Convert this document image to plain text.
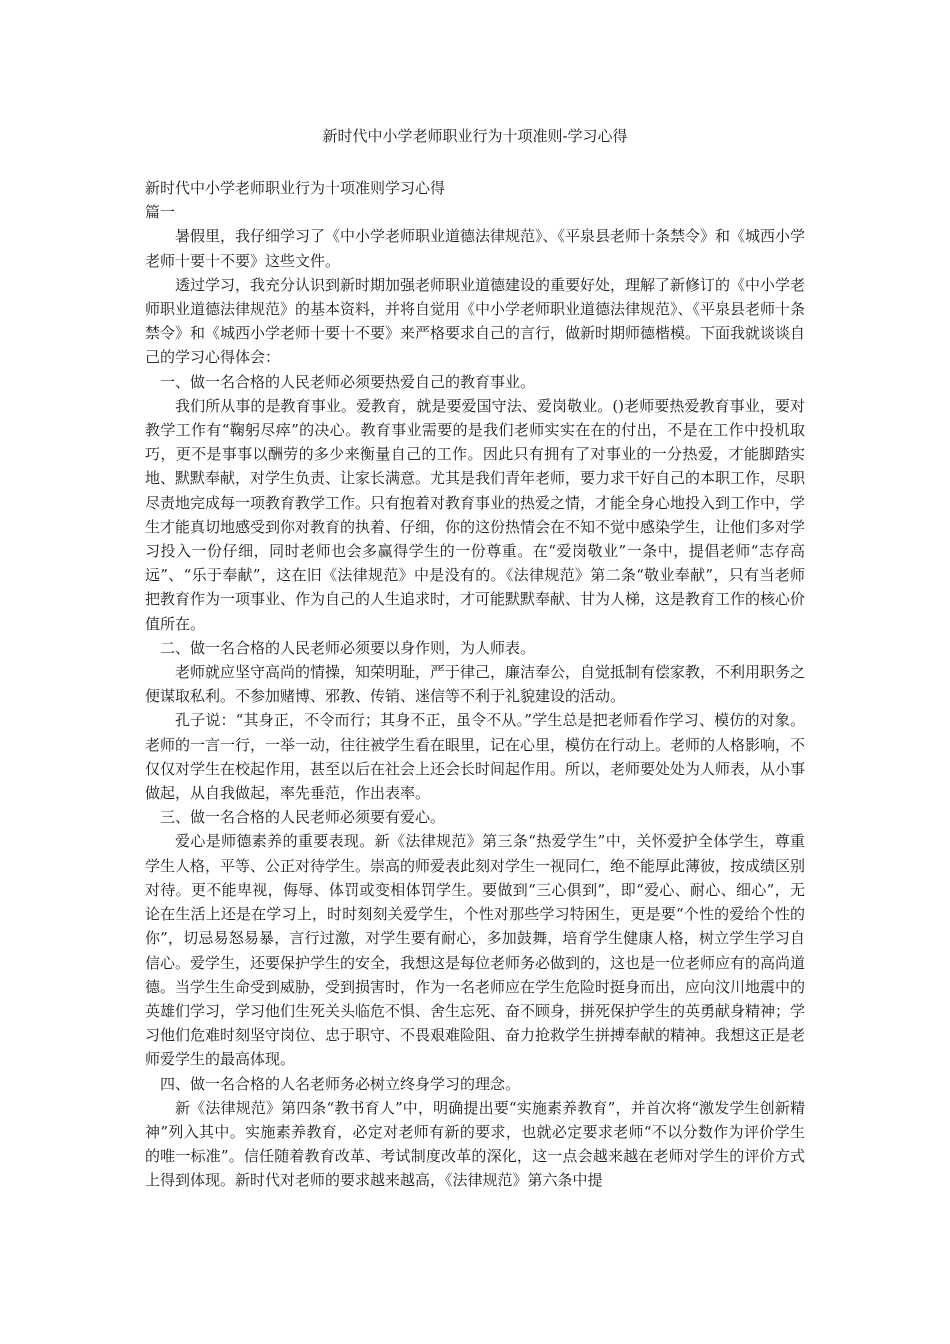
新时代中小学老师职业行为十项准则-学习心得

新时代中小学老师职业行为十项准则学习心得

篇一

暑假里，我仔细学习了《中小学老师职业道德法律规范》、《平泉县老师十条禁令》和《城西小学老师十要十不要》这些文件。

透过学习，我充分认识到新时期加强老师职业道德建设的重要好处，理解了新修订的《中小学老师职业道德法律规范》的基本资料，并将自觉用《中小学老师职业道德法律规范》、《平泉县老师十条禁令》和《城西小学老师十要十不要》来严格要求自己的言行，做新时期师德楷模。下面我就谈谈自己的学习心得体会：

一、做一名合格的人民老师必须要热爱自己的教育事业。

我们所从事的是教育事业。爱教育，就是要爱国守法、爱岗敬业。()老师要热爱教育事业，要对教学工作有“鞠躬尽瘁”的决心。教育事业需要的是我们老师实实在在的付出，不是在工作中投机取巧，更不是事事以酬劳的多少来衡量自己的工作。因此只有拥有了对事业的一分热爱，才能脚踏实地、默默奉献，对学生负责、让家长满意。尤其是我们青年老师，要力求干好自己的本职工作，尽职尽责地完成每一项教育教学工作。只有抱着对教育事业的热爱之情，才能全身心地投入到工作中，学生才能真切地感受到你对教育的执着、仔细，你的这份热情会在不知不觉中感染学生，让他们多对学习投入一份仔细，同时老师也会多赢得学生的一份尊重。在“爱岗敬业”一条中，提倡老师“志存高远”、“乐于奉献”，这在旧《法律规范》中是没有的。《法律规范》第二条“敬业奉献”，只有当老师把教育作为一项事业、作为自己的人生追求时，才可能默默奉献、甘为人梯，这是教育工作的核心价值所在。

二、做一名合格的人民老师必须要以身作则，为人师表。

老师就应坚守高尚的情操，知荣明耻，严于律己，廉洁奉公，自觉抵制有偿家教，不利用职务之便谋取私利。不参加赌博、邪教、传销、迷信等不利于礼貌建设的活动。

孔子说：“其身正，不令而行；其身不正，虽令不从。”学生总是把老师看作学习、模仿的对象。老师的一言一行，一举一动，往往被学生看在眼里，记在心里，模仿在行动上。老师的人格影响，不仅仅对学生在校起作用，甚至以后在社会上还会长时间起作用。所以，老师要处处为人师表，从小事做起，从自我做起，率先垂范，作出表率。

三、做一名合格的人民老师必须要有爱心。

爱心是师德素养的重要表现。新《法律规范》第三条“热爱学生”中，关怀爱护全体学生，尊重学生人格，平等、公正对待学生。崇高的师爱表此刻对学生一视同仁，绝不能厚此薄彼，按成绩区别对待。更不能卑视，侮辱、体罚或变相体罚学生。要做到“三心俱到”，即“爱心、耐心、细心”，无论在生活上还是在学习上，时时刻刻关爱学生，个性对那些学习特困生，更是要“个性的爱给个性的你”，切忌易怒易暴，言行过激，对学生要有耐心，多加鼓舞，培育学生健康人格，树立学生学习自信心。爱学生，还要保护学生的安全，我想这是每位老师务必做到的，这也是一位老师应有的高尚道德。当学生生命受到威胁，受到损害时，作为一名老师应在学生危险时挺身而出，应向汶川地震中的英雄们学习，学习他们生死关头临危不惧、舍生忘死、奋不顾身，拼死保护学生的英勇献身精神；学习他们危难时刻坚守岗位、忠于职守、不畏艰难险阻、奋力抢救学生拼搏奉献的精神。我想这正是老师爱学生的最高体现。

四、做一名合格的人名老师务必树立终身学习的理念。

新《法律规范》第四条“教书育人”中，明确提出要“实施素养教育”，并首次将“激发学生创新精神”列入其中。实施素养教育，必定对老师有新的要求，也就必定要求老师“不以分数作为评价学生的唯一标准”。信任随着教育改革、考试制度改革的深化，这一点会越来越在老师对学生的评价方式上得到体现。新时代对老师的要求越来越高，《法律规范》第六条中提
